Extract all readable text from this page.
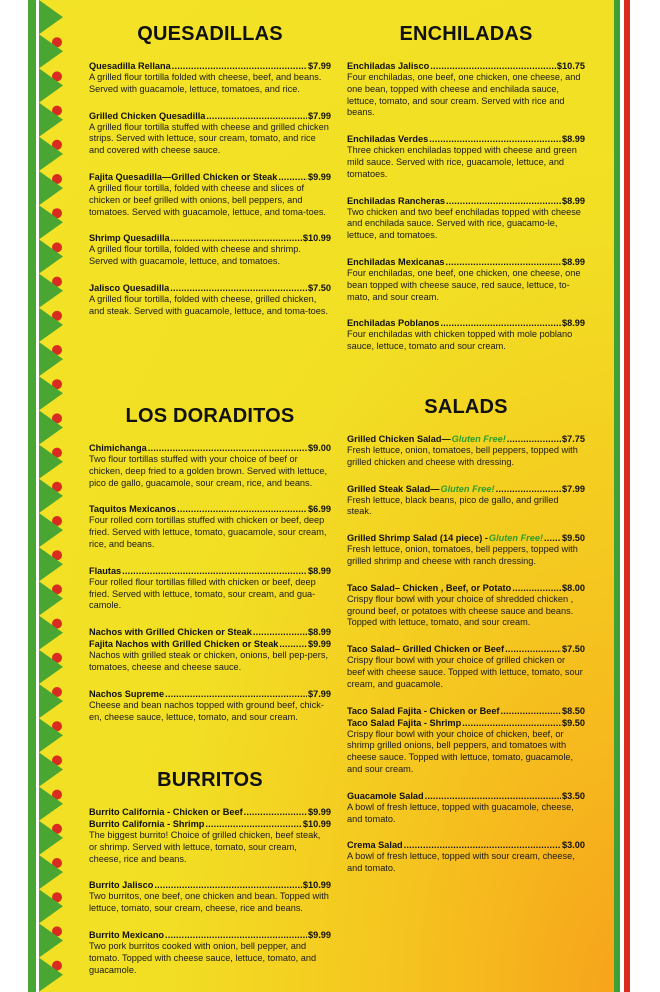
QUESADILLAS
Quesadilla Rellana .....	$7.99
A grilled flour tortilla folded with cheese, beef, and beans. Served with guacamole, lettuce, tomatoes, and rice.
Grilled Chicken Quesadilla .....	$7.99
A grilled flour tortilla stuffed with cheese and grilled chicken strips. Served with lettuce, sour cream, tomato, and rice and covered with cheese sauce.
Fajita Quesadilla—Grilled Chicken or Steak .....	$9.99
A grilled flour tortilla, folded with cheese and slices of chicken or beef grilled with onions, bell peppers, and tomatoes. Served with guacamole, lettuce, and toma-toes.
Shrimp Quesadilla .....	$10.99
A grilled flour tortilla, folded with cheese and shrimp. Served with guacamole, lettuce, and tomatoes.
Jalisco Quesadilla .....	$7.50
A grilled flour tortilla, folded with cheese, grilled chicken, and steak. Served with guacamole, lettuce, and toma-toes.
LOS DORADITOS
Chimichanga .....	$9.00
Two flour tortillas stuffed with your choice of beef or chicken, deep fried to a golden brown. Served with lettuce, pico de gallo, guacamole, sour cream, rice, and beans.
Taquitos Mexicanos .....	$6.99
Four rolled corn tortillas stuffed with chicken or beef, deep fried. Served with lettuce, tomato, guacamole, sour cream, rice, and beans.
Flautas .....	$8.99
Four rolled flour tortillas filled with chicken or beef, deep fried. Served with lettuce, tomato, sour cream, and gua-camole.
Nachos with Grilled Chicken or Steak .....	$8.99
Fajita Nachos with Grilled Chicken or Steak .....	$9.99
Nachos with grilled steak or chicken, onions, bell pep-pers, tomatoes, cheese and cheese sauce.
Nachos Supreme .....	$7.99
Cheese and bean nachos topped with ground beef, chick-en, cheese sauce, lettuce, tomato, and sour cream.
BURRITOS
Burrito California - Chicken or Beef .....	$9.99
Burrito California - Shrimp .....	$10.99
The biggest burrito! Choice of grilled chicken, beef steak, or shrimp. Served with lettuce, tomato, sour cream, cheese, rice and beans.
Burrito Jalisco .....	$10.99
Two burritos, one beef, one chicken and bean. Topped with lettuce, tomato, sour cream, cheese, rice and beans.
Burrito Mexicano .....	$9.99
Two pork burritos cooked with onion, bell pepper, and tomato. Topped with cheese sauce, lettuce, tomato, and guacamole.
ENCHILADAS
Enchiladas Jalisco .....	$10.75
Four enchiladas, one beef, one chicken, one cheese, and one bean, topped with cheese and enchilada sauce, lettuce, tomato, and sour cream. Served with rice and beans.
Enchiladas Verdes .....	$8.99
Three chicken enchiladas topped with cheese and green mild sauce. Served with rice, guacamole, lettuce, and tomatoes.
Enchiladas Rancheras .....	$8.99
Two chicken and two beef enchiladas topped with cheese and enchilada sauce. Served with rice, guacamo-le, lettuce, and tomatoes.
Enchiladas Mexicanas .....	$8.99
Four enchiladas, one beef, one chicken, one cheese, one bean topped with cheese sauce, red sauce, lettuce, to-mato, and sour cream.
Enchiladas Poblanos .....	$8.99
Four enchiladas with chicken topped with mole poblano sauce, lettuce, tomato and sour cream.
SALADS
Grilled Chicken Salad— Gluten Free! .....	$7.75
Fresh lettuce, onion, tomatoes, bell peppers, topped with grilled chicken and cheese with dressing.
Grilled Steak Salad— Gluten Free! .....	$7.99
Fresh lettuce, black beans, pico de gallo, and grilled steak.
Grilled Shrimp Salad (14 piece) - Gluten Free! ..... $9.50
Fresh lettuce, onion, tomatoes, bell peppers, topped with grilled shrimp and cheese with ranch dressing.
Taco Salad– Chicken , Beef, or Potato .....	$8.00
Crispy flour bowl with your choice of shredded chicken , ground beef, or potatoes with cheese sauce and beans. Topped with lettuce, tomato, and sour cream.
Taco Salad– Grilled Chicken or Beef .....	$7.50
Crispy flour bowl with your choice of grilled chicken or beef with cheese sauce. Topped with lettuce, tomato, sour cream, and guacamole.
Taco Salad Fajita - Chicken or Beef .....	$8.50
Taco Salad Fajita - Shrimp .....	$9.50
Crispy flour bowl with your choice of chicken, beef, or shrimp grilled onions, bell peppers, and tomatoes with cheese sauce. Topped with lettuce, tomato, guacamole, and sour cream.
Guacamole Salad .....	$3.50
A bowl of fresh lettuce, topped with guacamole, cheese, and tomato.
Crema Salad .....	$3.00
A bowl of fresh lettuce, topped with sour cream, cheese, and tomato.
